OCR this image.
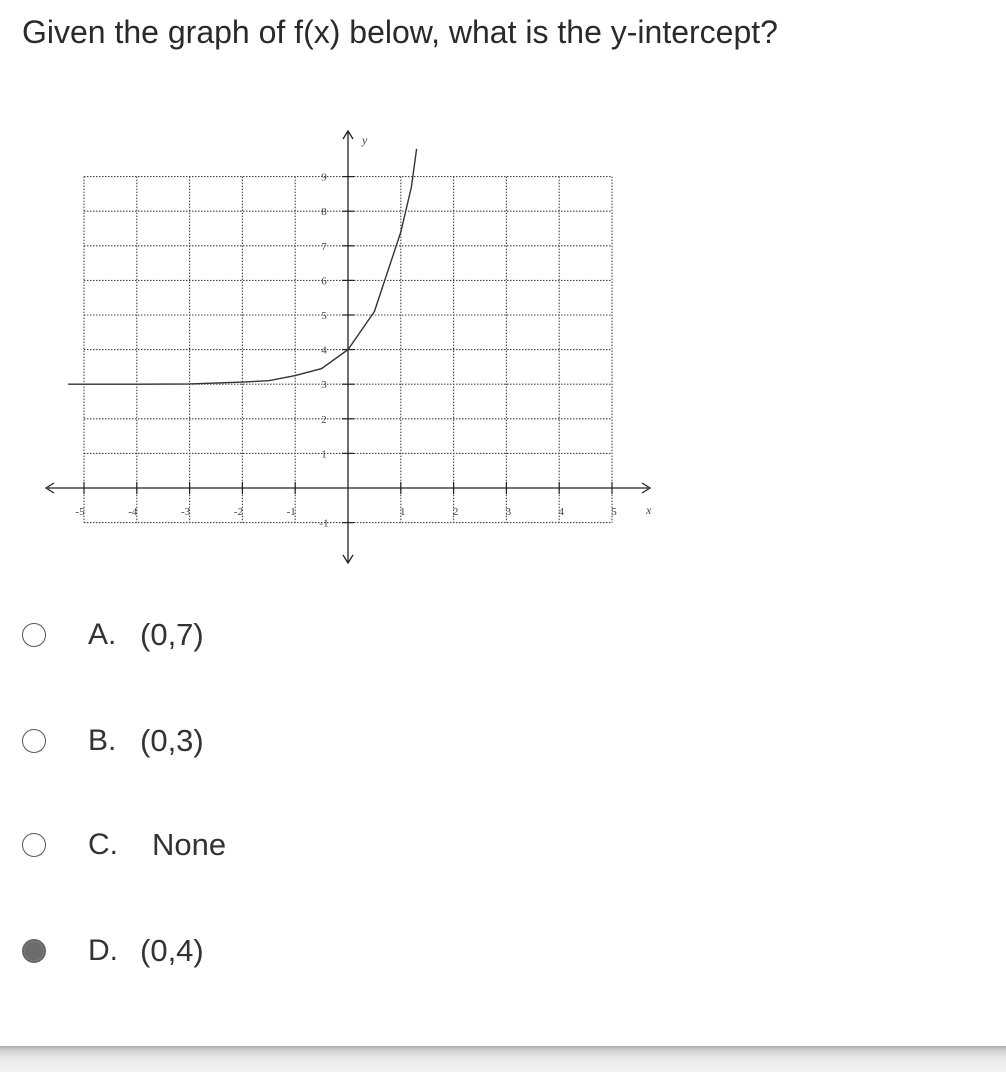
Given the graph of f(x) below, what is the y-intercept?
-5	-4	-3	-2	-1	1	2	3	4	5
1
2
3
4
5
6
7
8
9
-1
x
y
A. (0,7)
B. (0,3)
C. None
D. (0,4)
